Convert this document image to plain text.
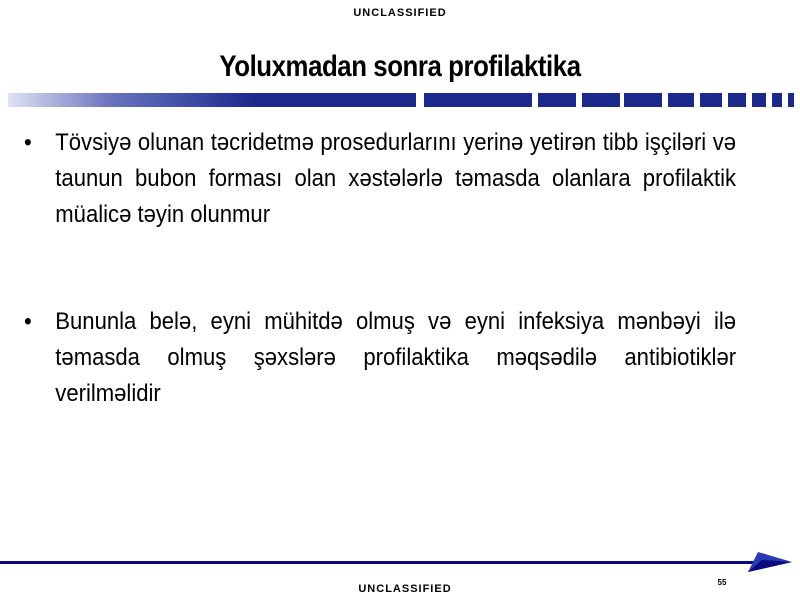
UNCLASSIFIED
Yoluxmadan sonra profilaktika
• Tövsiyə olunan təcridetmə prosedurlarını yerinə yetirən tibb işçiləri və taunun bubon forması olan xəstələrlə təmasda olanlara profilaktik müalicə təyin olunmur
• Bununla belə, eyni mühitdə olmuş və eyni infeksiya mənbəyi ilə təmasda olmuş şəxslərə profilaktika məqsədilə antibiotiklər verilməlidir
55
UNCLASSIFIED
